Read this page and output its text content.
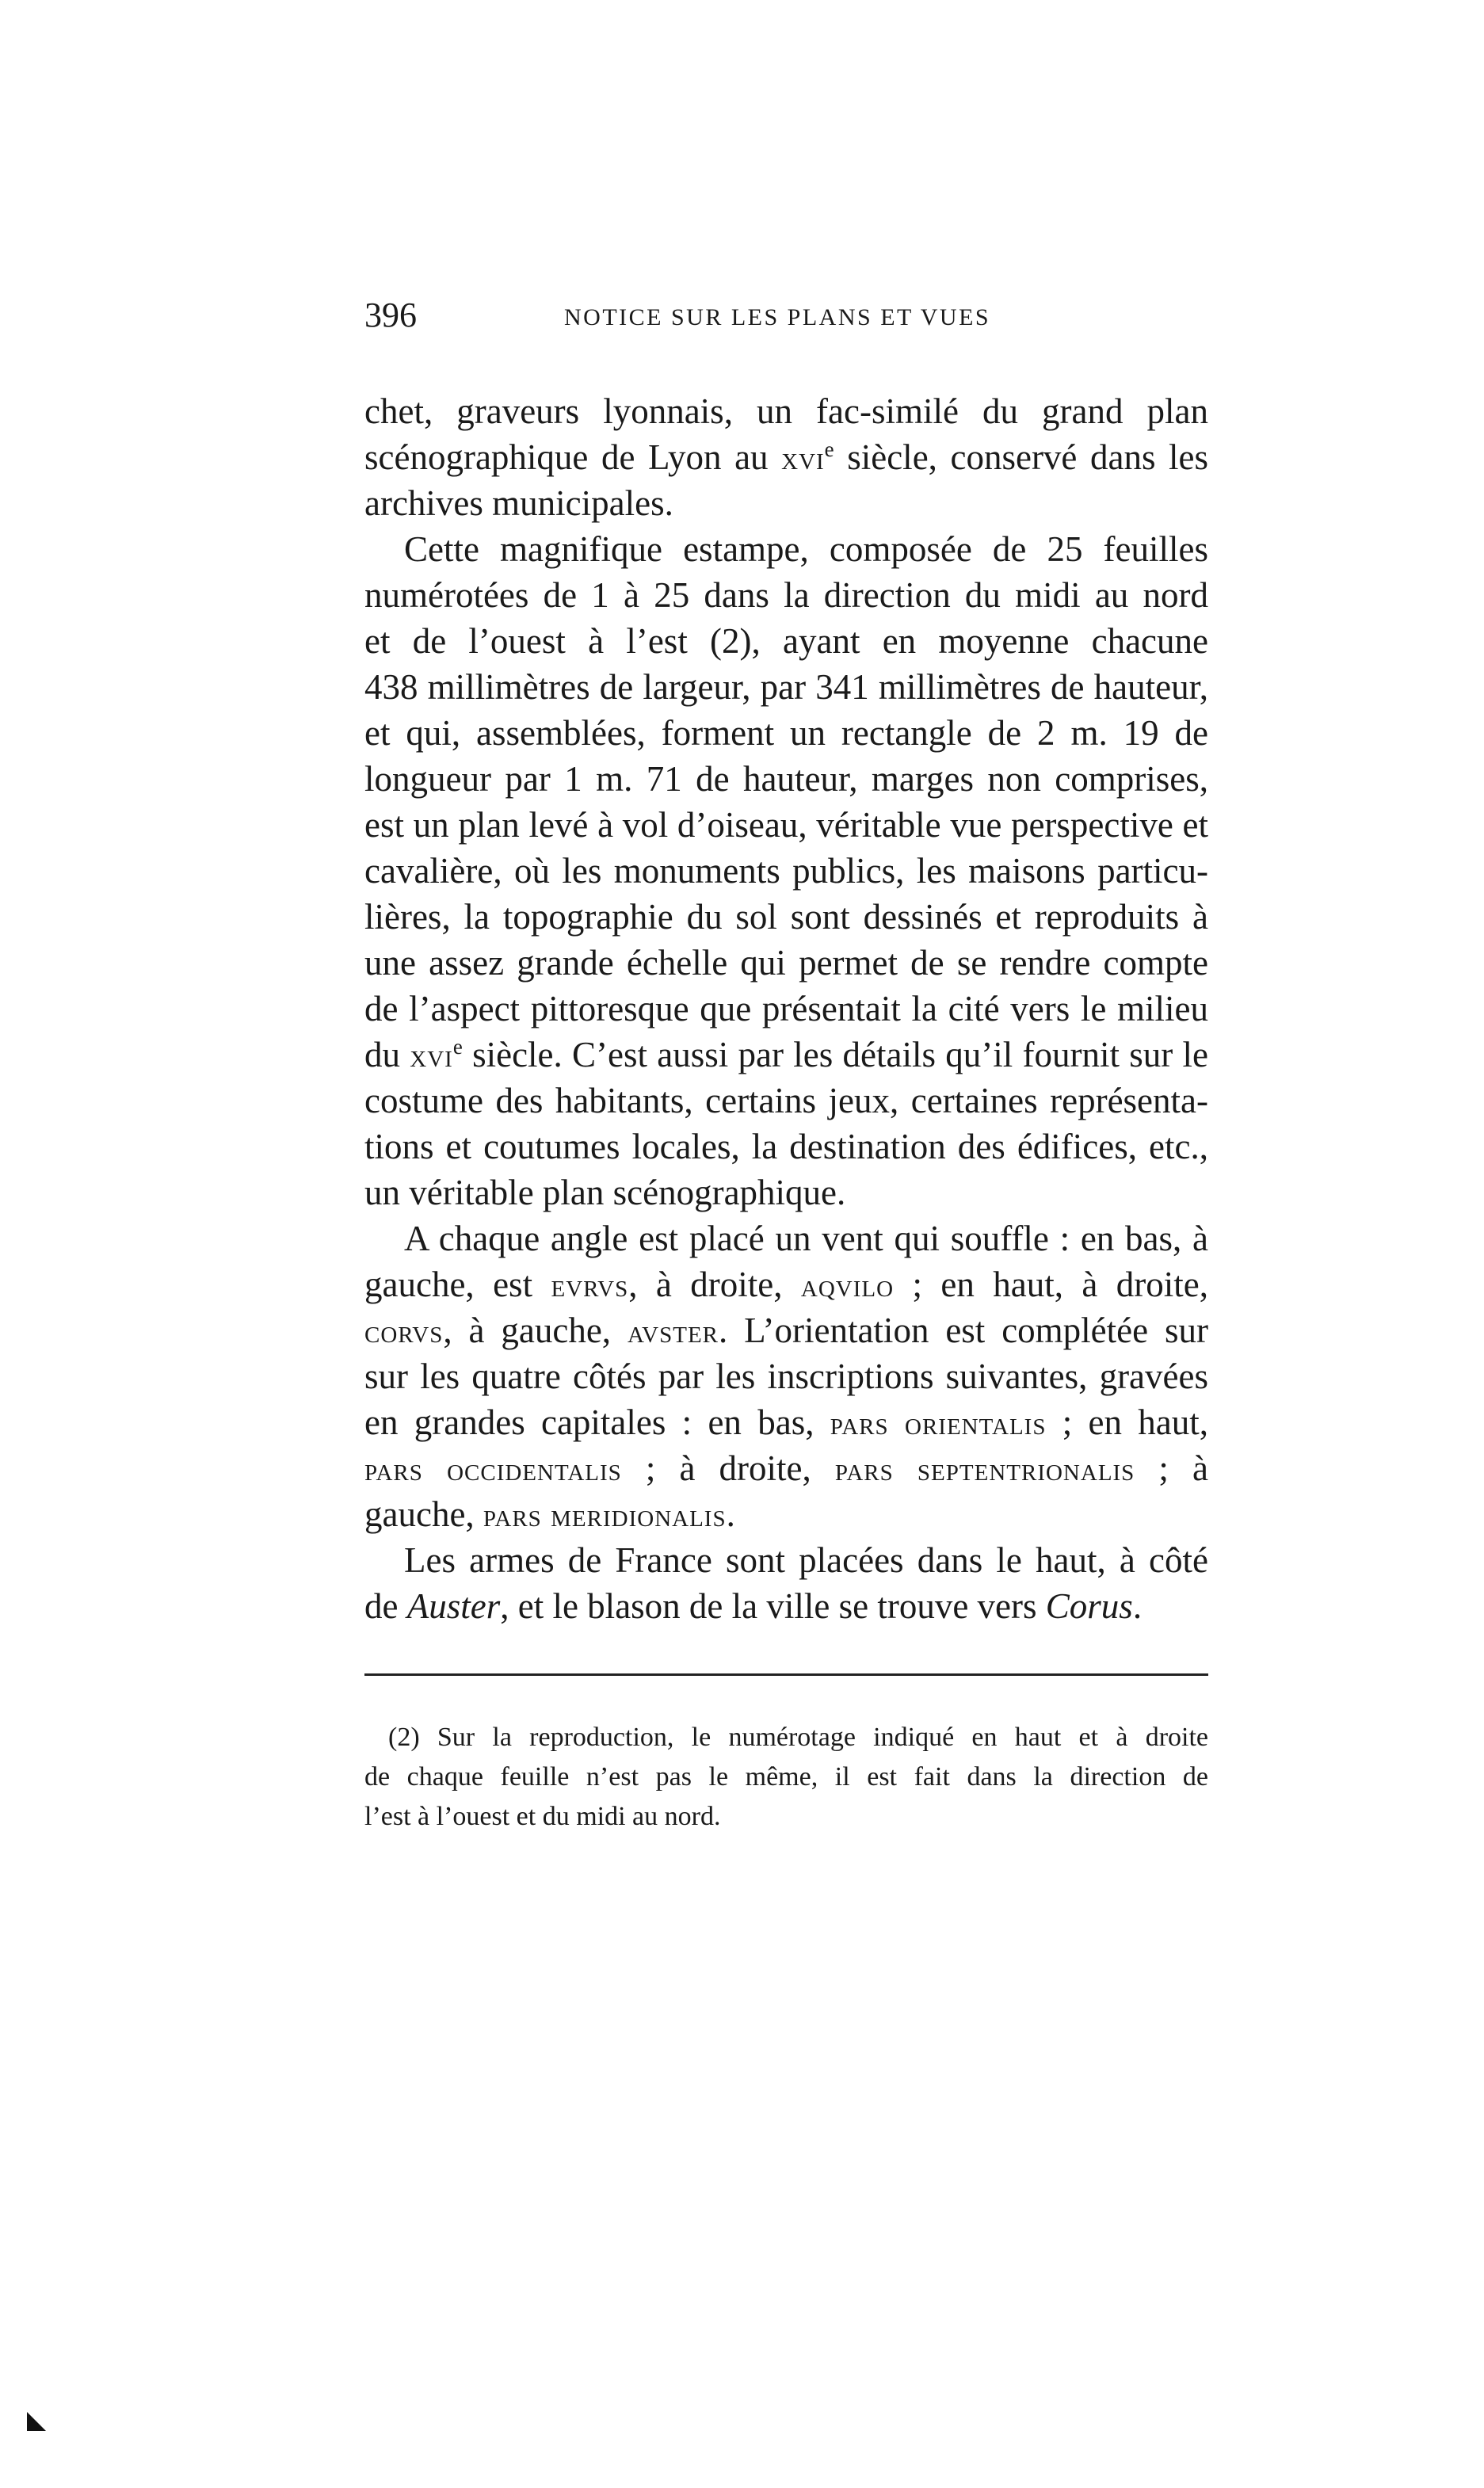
396	NOTICE SUR LES PLANS ET VUES
chet, graveurs lyonnais, un fac-similé du grand plan
scénographique de Lyon au xvi$^e$ siècle, conservé dans les
archives municipales.
Cette magnifique estampe, composée de 25 feuilles
numérotées de 1 à 25 dans la direction du midi au nord
et de l’ouest à l’est (2), ayant en moyenne chacune
438 millimètres de largeur, par 341 millimètres de hauteur,
et qui, assemblées, forment un rectangle de 2 m. 19 de
longueur par 1 m. 71 de hauteur, marges non comprises,
est un plan levé à vol d’oiseau, véritable vue perspective et
cavalière, où les monuments publics, les maisons particu-
lières, la topographie du sol sont dessinés et reproduits à
une assez grande échelle qui permet de se rendre compte
de l’aspect pittoresque que présentait la cité vers le milieu
du xvi$^e$ siècle. C’est aussi par les détails qu’il fournit sur le
costume des habitants, certains jeux, certaines représenta-
tions et coutumes locales, la destination des édifices, etc.,
un véritable plan scénographique.
A chaque angle est placé un vent qui souffle : en bas, à
gauche, est evrvs, à droite, aqvilo ; en haut, à droite,
corvs, à gauche, avster. L’orientation est complétée sur
sur les quatre côtés par les inscriptions suivantes, gravées
en grandes capitales : en bas, pars orientalis ; en haut,
pars occidentalis ; à droite, pars septentrionalis ; à
gauche, pars meridionalis.
Les armes de France sont placées dans le haut, à côté
de Auster, et le blason de la ville se trouve vers Corus.
(2) Sur la reproduction, le numérotage indiqué en haut et à droite
de chaque feuille n’est pas le même, il est fait dans la direction de
l’est à l’ouest et du midi au nord.
